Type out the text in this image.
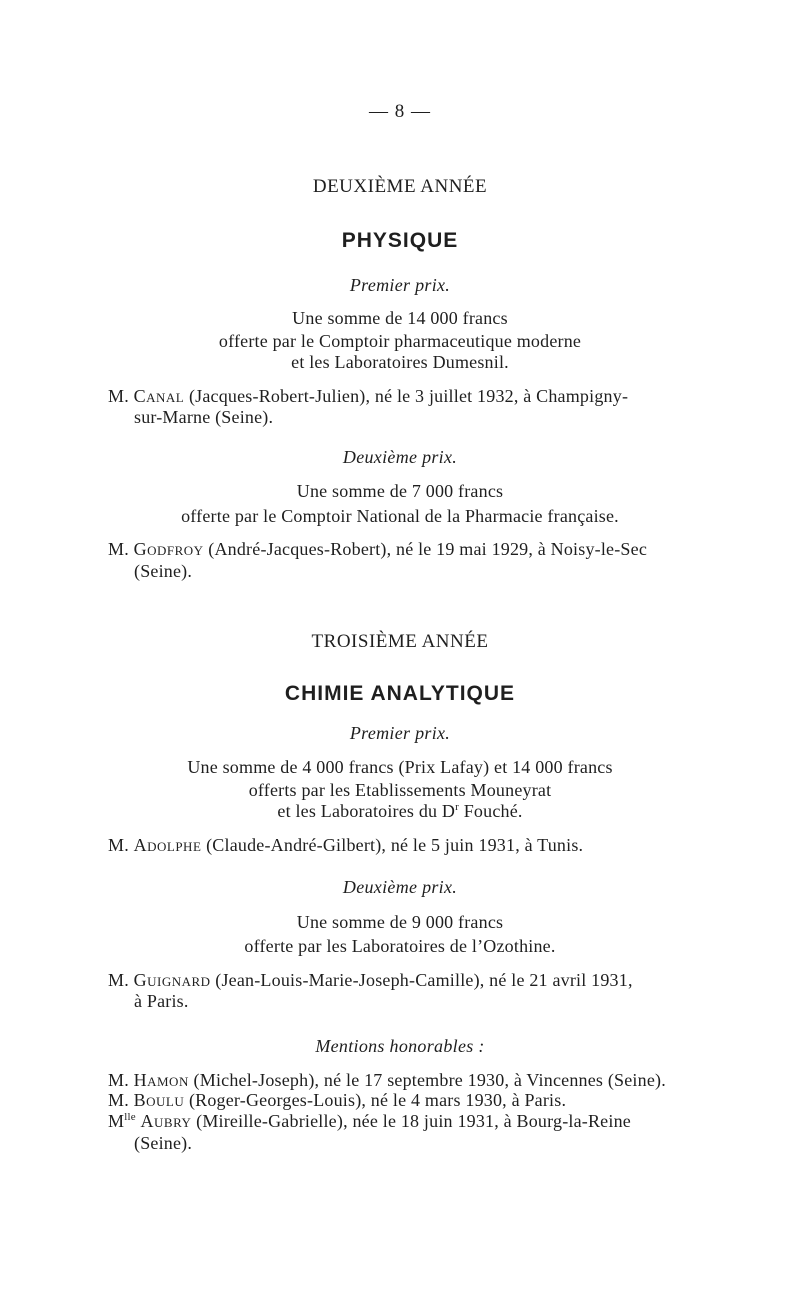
— 8 —
DEUXIÈME ANNÉE
PHYSIQUE
Premier prix.
Une somme de 14 000 francs
offerte par le Comptoir pharmaceutique moderne
et les Laboratoires Dumesnil.
M. Canal (Jacques-Robert-Julien), né le 3 juillet 1932, à Champigny-
sur-Marne (Seine).
Deuxième prix.
Une somme de 7 000 francs
offerte par le Comptoir National de la Pharmacie française.
M. Godfroy (André-Jacques-Robert), né le 19 mai 1929, à Noisy-le-Sec
(Seine).
TROISIÈME ANNÉE
CHIMIE ANALYTIQUE
Premier prix.
Une somme de 4 000 francs (Prix Lafay) et 14 000 francs
offerts par les Etablissements Mouneyrat
et les Laboratoires du $D^r$ Fouché.
M. Adolphe (Claude-André-Gilbert), né le 5 juin 1931, à Tunis.
Deuxième prix.
Une somme de 9 000 francs
offerte par les Laboratoires de l’Ozothine.
M. Guignard (Jean-Louis-Marie-Joseph-Camille), né le 21 avril 1931,
à Paris.
Mentions honorables :
M. Hamon (Michel-Joseph), né le 17 septembre 1930, à Vincennes (Seine).
M. Boulu (Roger-Georges-Louis), né le 4 mars 1930, à Paris.
$M^{lle}$ Aubry (Mireille-Gabrielle), née le 18 juin 1931, à Bourg-la-Reine
(Seine).
